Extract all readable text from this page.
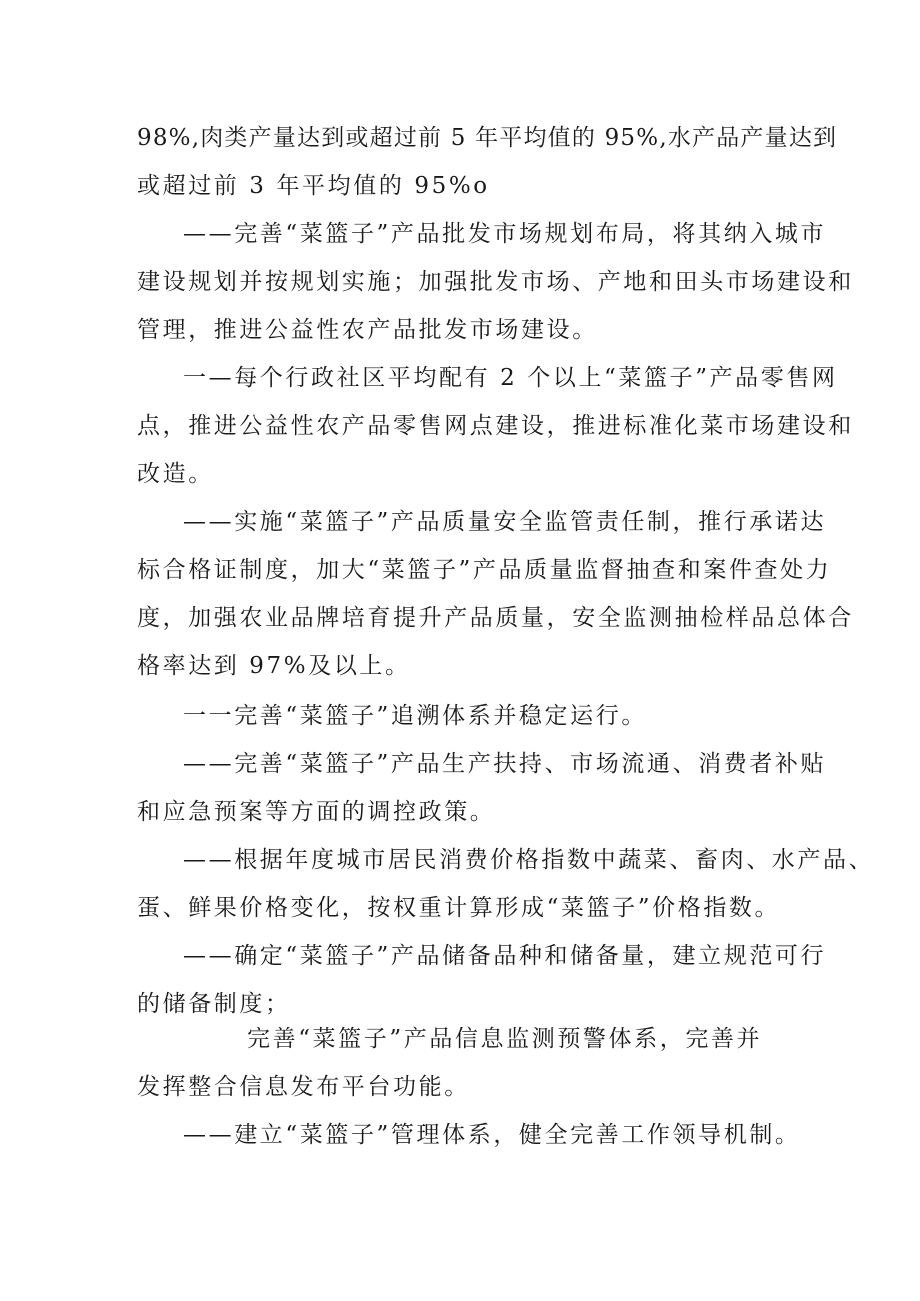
98%,肉类产量达到或超过前 5 年平均值的 95%,水产品产量达到
或超过前 3 年平均值的 95%o
——完善“菜篮子”产品批发市场规划布局，将其纳入城市
建设规划并按规划实施；加强批发市场、产地和田头市场建设和
管理，推进公益性农产品批发市场建设。
一—每个行政社区平均配有 2 个以上“菜篮子”产品零售网
点，推进公益性农产品零售网点建设，推进标准化菜市场建设和
改造。
——实施“菜篮子”产品质量安全监管责任制，推行承诺达
标合格证制度，加大“菜篮子”产品质量监督抽查和案件查处力
度，加强农业品牌培育提升产品质量，安全监测抽检样品总体合
格率达到 97%及以上。
一一完善“菜篮子”追溯体系并稳定运行。
——完善“菜篮子”产品生产扶持、市场流通、消费者补贴
和应急预案等方面的调控政策。
——根据年度城市居民消费价格指数中蔬菜、畜肉、水产品、
蛋、鲜果价格变化，按权重计算形成“菜篮子”价格指数。
——确定“菜篮子”产品储备品种和储备量，建立规范可行
的储备制度；
完善“菜篮子”产品信息监测预警体系，完善并
发挥整合信息发布平台功能。
——建立“菜篮子”管理体系，健全完善工作领导机制。
